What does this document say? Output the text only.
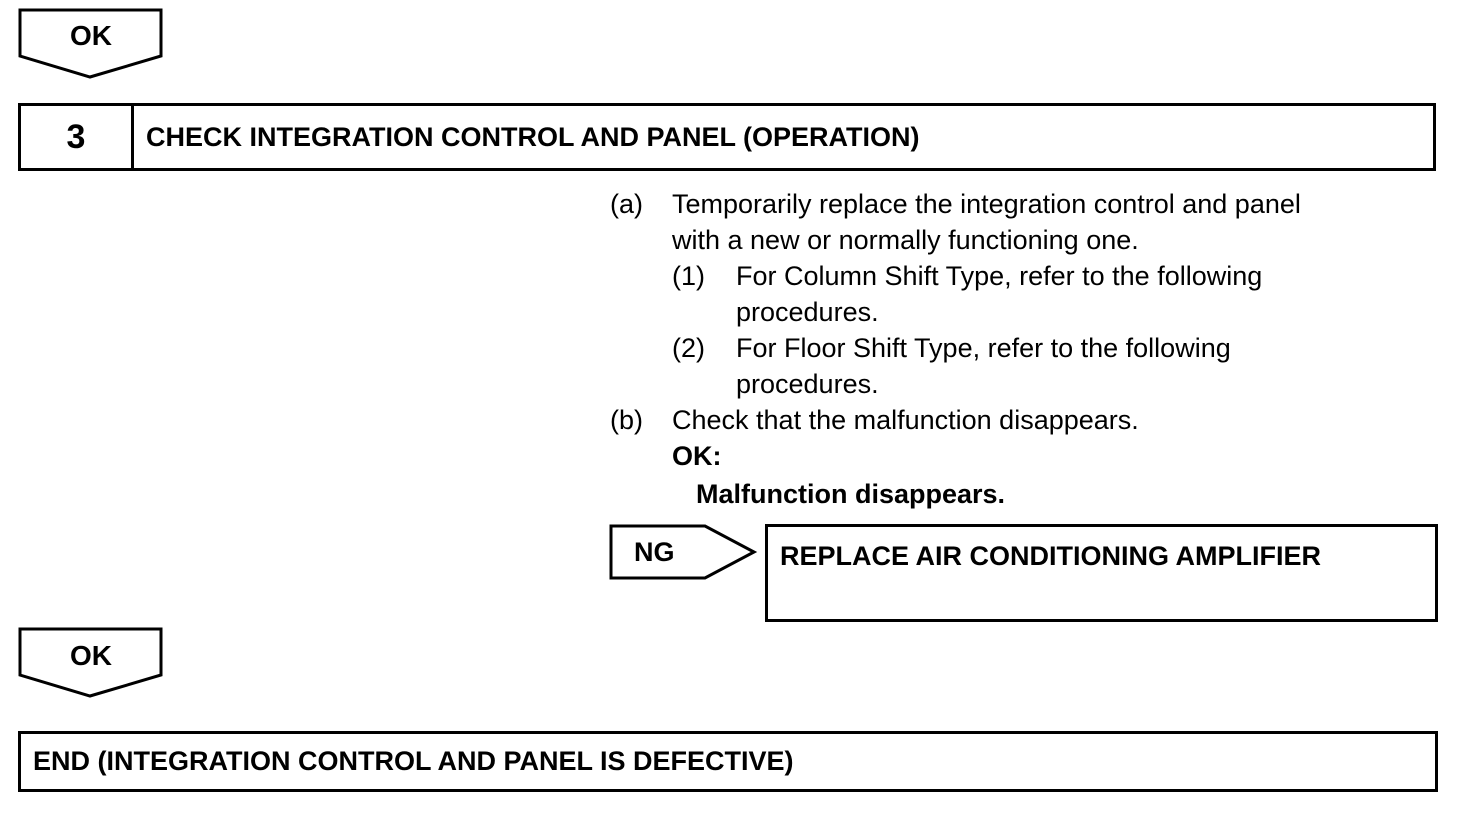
OK
3	CHECK INTEGRATION CONTROL AND PANEL (OPERATION)
(a) Temporarily replace the integration control and panel
with a new or normally functioning one.
(1) For Column Shift Type, refer to the following
procedures.
(2) For Floor Shift Type, refer to the following
procedures.
(b) Check that the malfunction disappears.
OK:
Malfunction disappears.
NG	REPLACE AIR CONDITIONING AMPLIFIER
OK
END (INTEGRATION CONTROL AND PANEL IS DEFECTIVE)
